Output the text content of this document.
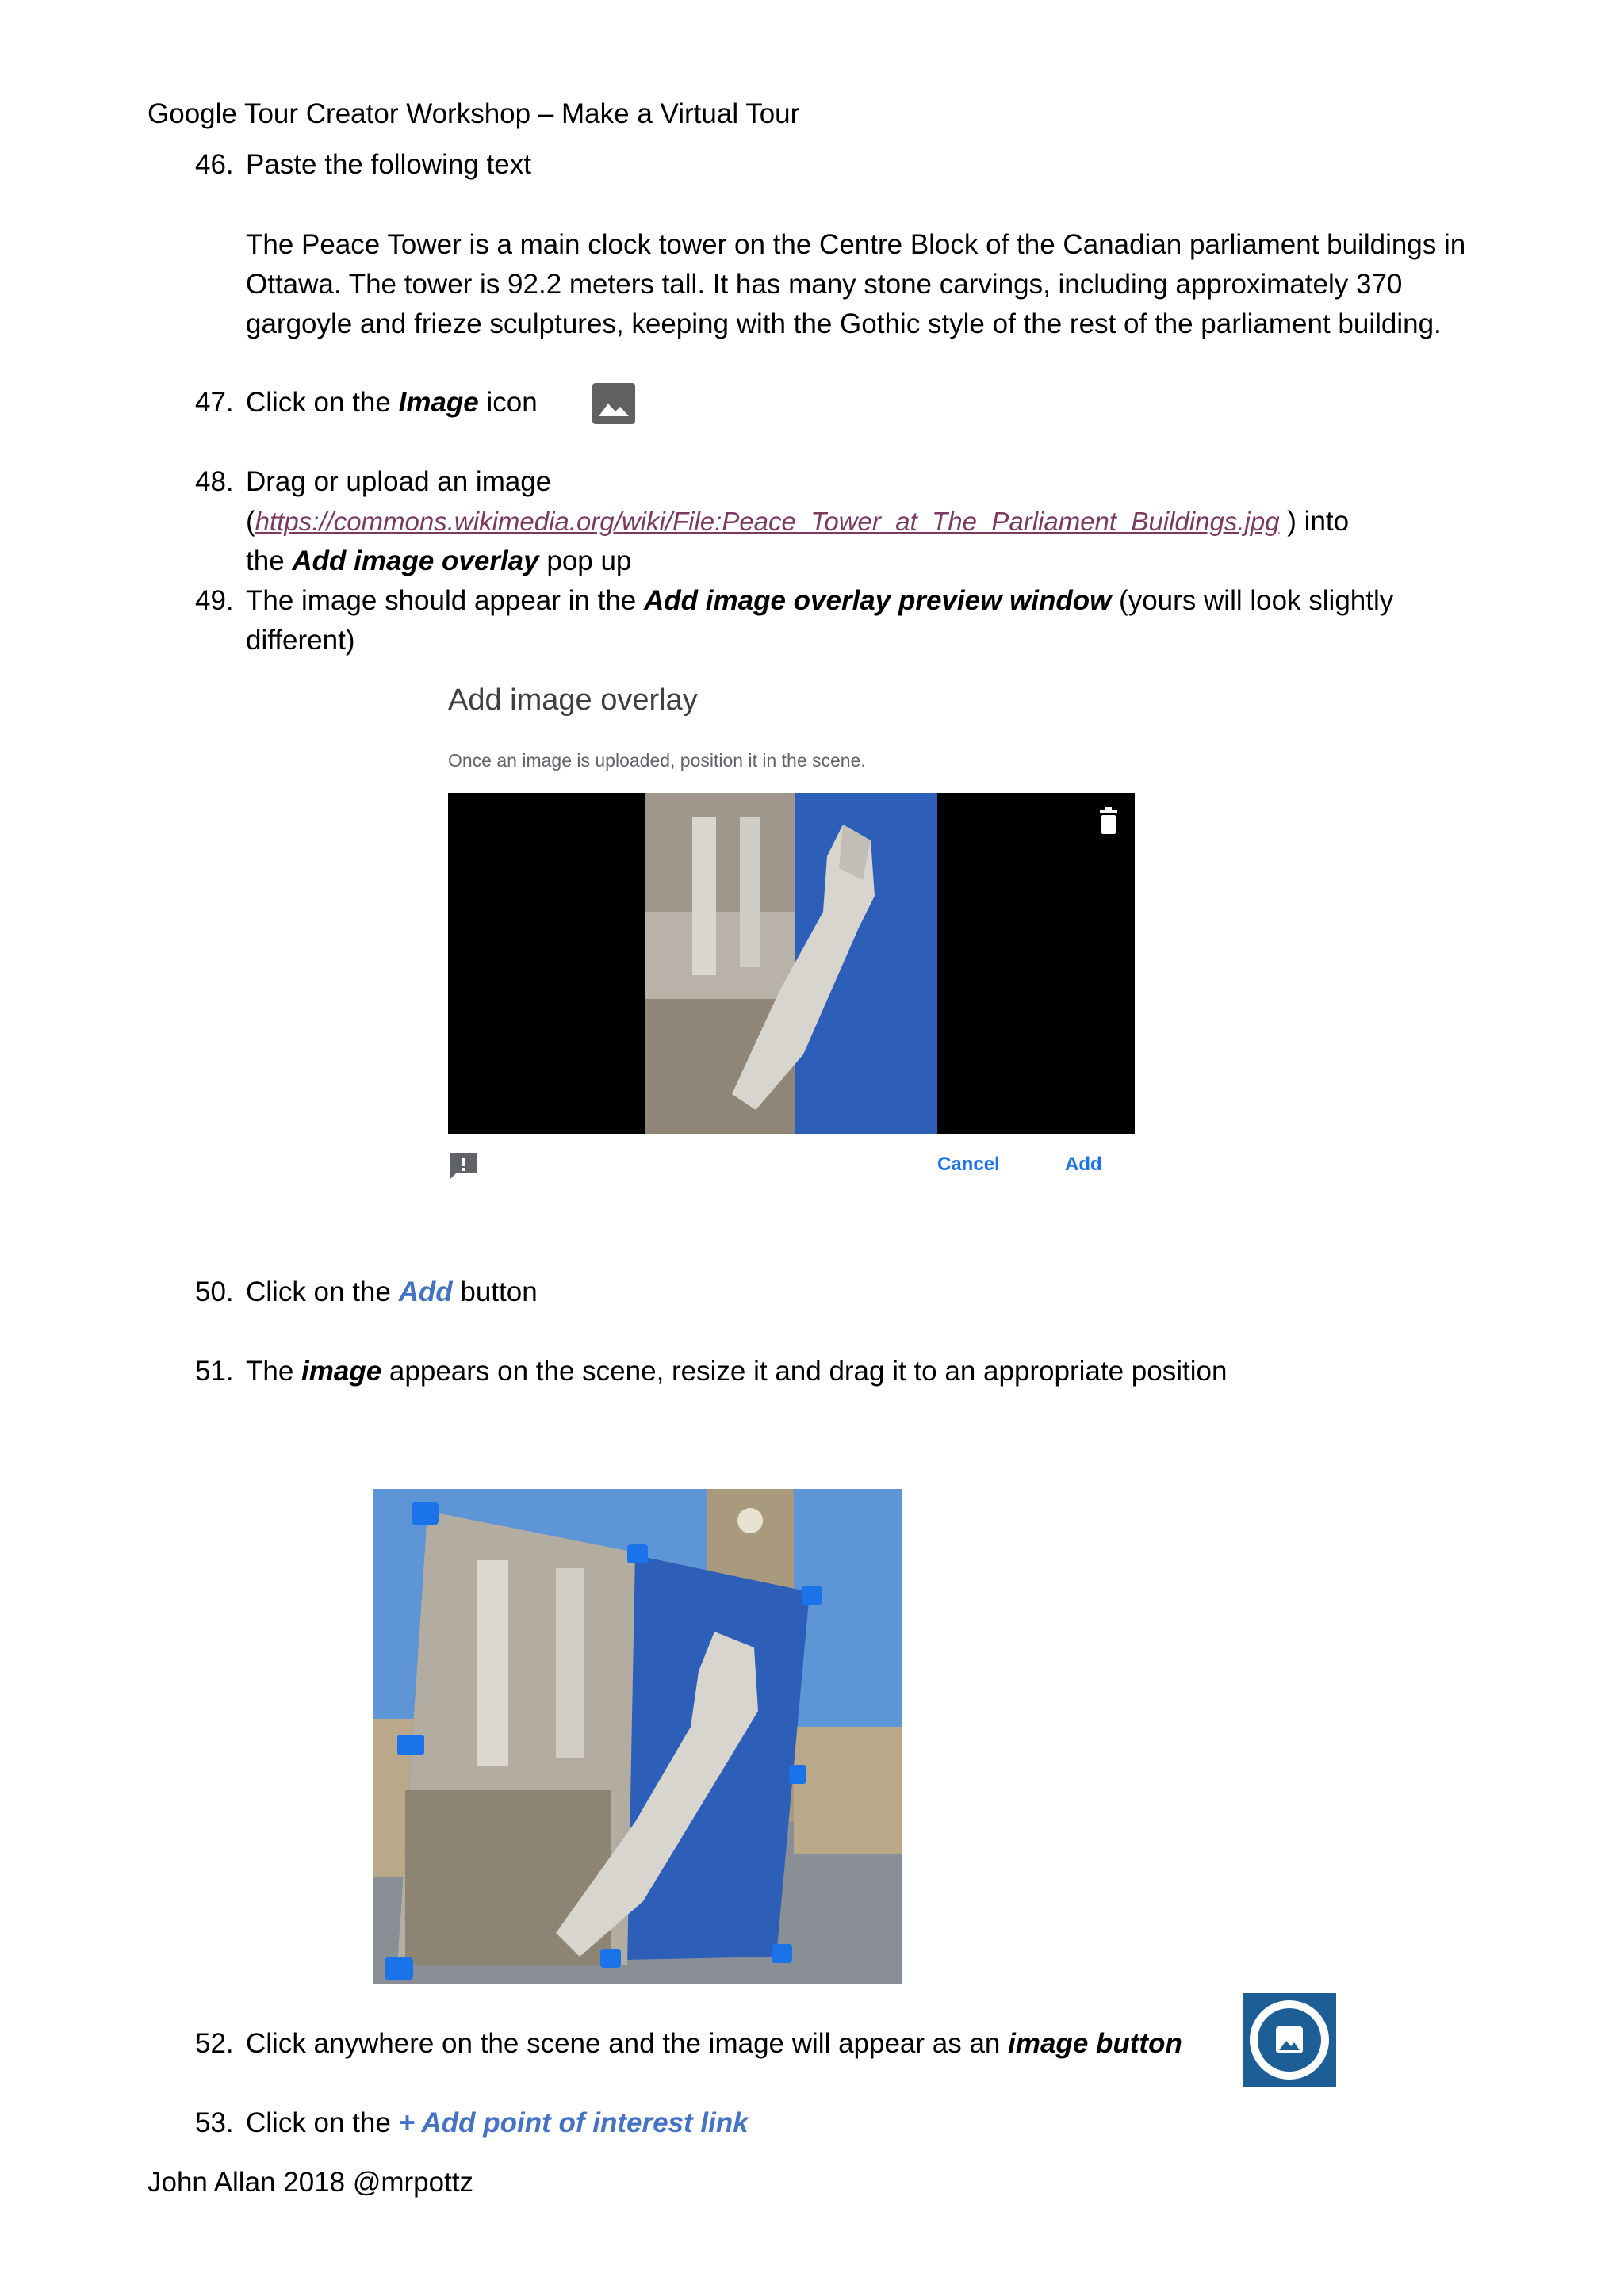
Google Tour Creator Workshop – Make a Virtual Tour
46. Paste the following text
The Peace Tower is a main clock tower on the Centre Block of the Canadian parliament buildings in
Ottawa. The tower is 92.2 meters tall. It has many stone carvings, including approximately 370
gargoyle and frieze sculptures, keeping with the Gothic style of the rest of the parliament building.
47. Click on the Image icon
48. Drag or upload an image
(https://commons.wikimedia.org/wiki/File:Peace_Tower_at_The_Parliament_Buildings.jpg ) into
the Add image overlay pop up
49. The image should appear in the Add image overlay preview window (yours will look slightly
different)
Add image overlay
Once an image is uploaded, position it in the scene.
Cancel	Add
50. Click on the Add button
51. The image appears on the scene, resize it and drag it to an appropriate position
52. Click anywhere on the scene and the image will appear as an image button
53. Click on the + Add point of interest link
John Allan 2018 @mrpottz
